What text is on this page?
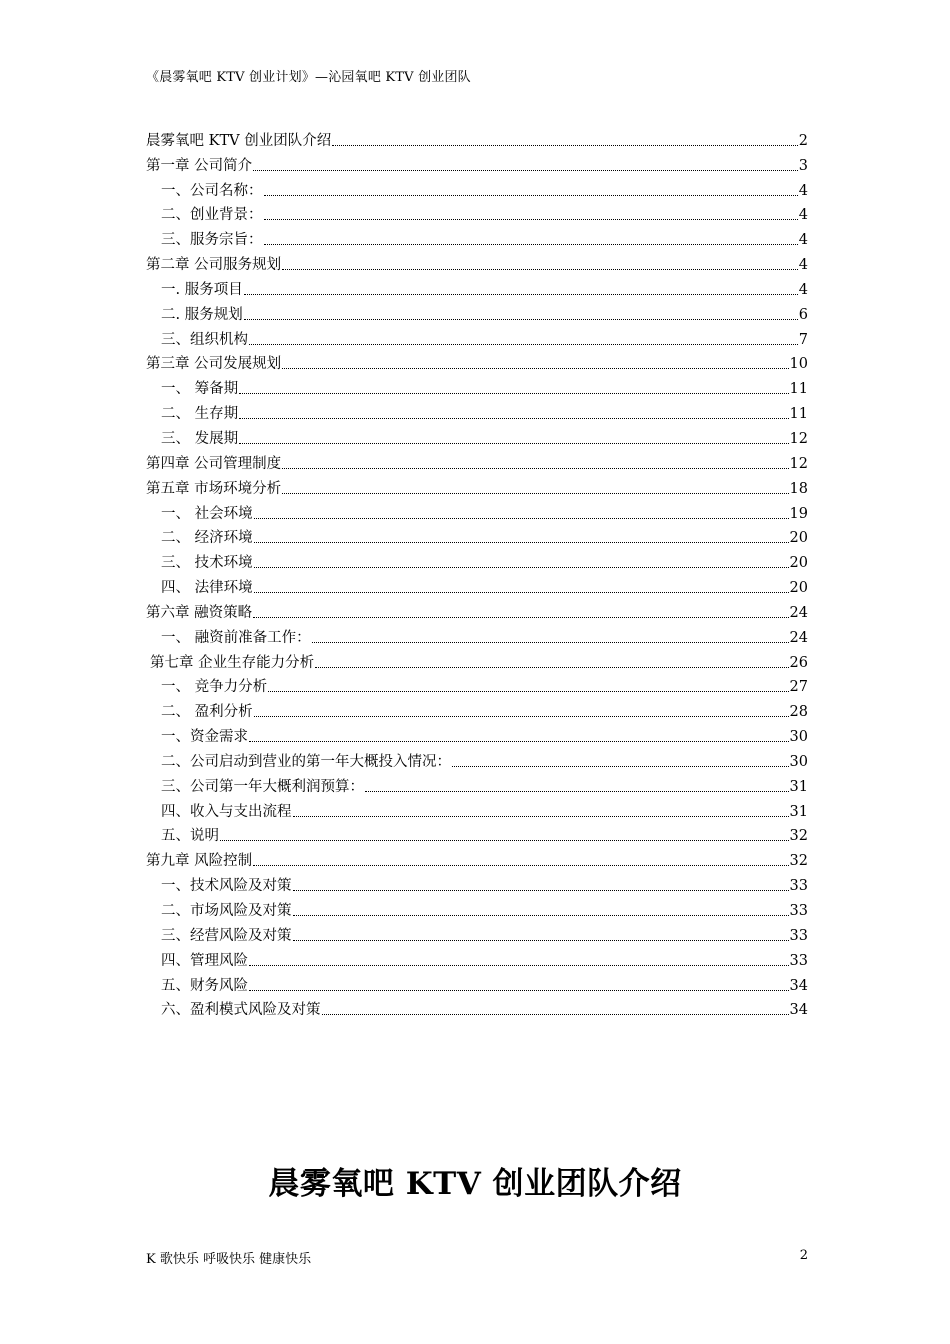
《晨雾氧吧 KTV 创业计划》—沁园氧吧 KTV 创业团队
晨雾氧吧 KTV 创业团队介绍	2
第一章 公司简介	3
一、公司名称：	4
二、创业背景：	4
三、服务宗旨：	4
第二章 公司服务规划	4
一. 服务项目	4
二. 服务规划	6
三、组织机构	7
第三章 公司发展规划	10
一、 筹备期	11
二、 生存期	11
三、 发展期	12
第四章 公司管理制度	12
第五章 市场环境分析	18
一、 社会环境	19
二、 经济环境	20
三、 技术环境	20
四、 法律环境	20
第六章 融资策略	24
一、 融资前准备工作：	24
第七章 企业生存能力分析	26
一、 竞争力分析	27
二、 盈利分析	28
一、资金需求	30
二、公司启动到营业的第一年大概投入情况：	30
三、公司第一年大概利润预算：	31
四、收入与支出流程	31
五、说明	32
第九章 风险控制	32
一、技术风险及对策	33
二、市场风险及对策	33
三、经营风险及对策	33
四、管理风险	33
五、财务风险	34
六、盈利模式风险及对策	34
晨雾氧吧 KTV 创业团队介绍
K 歌快乐 呼吸快乐 健康快乐	2
